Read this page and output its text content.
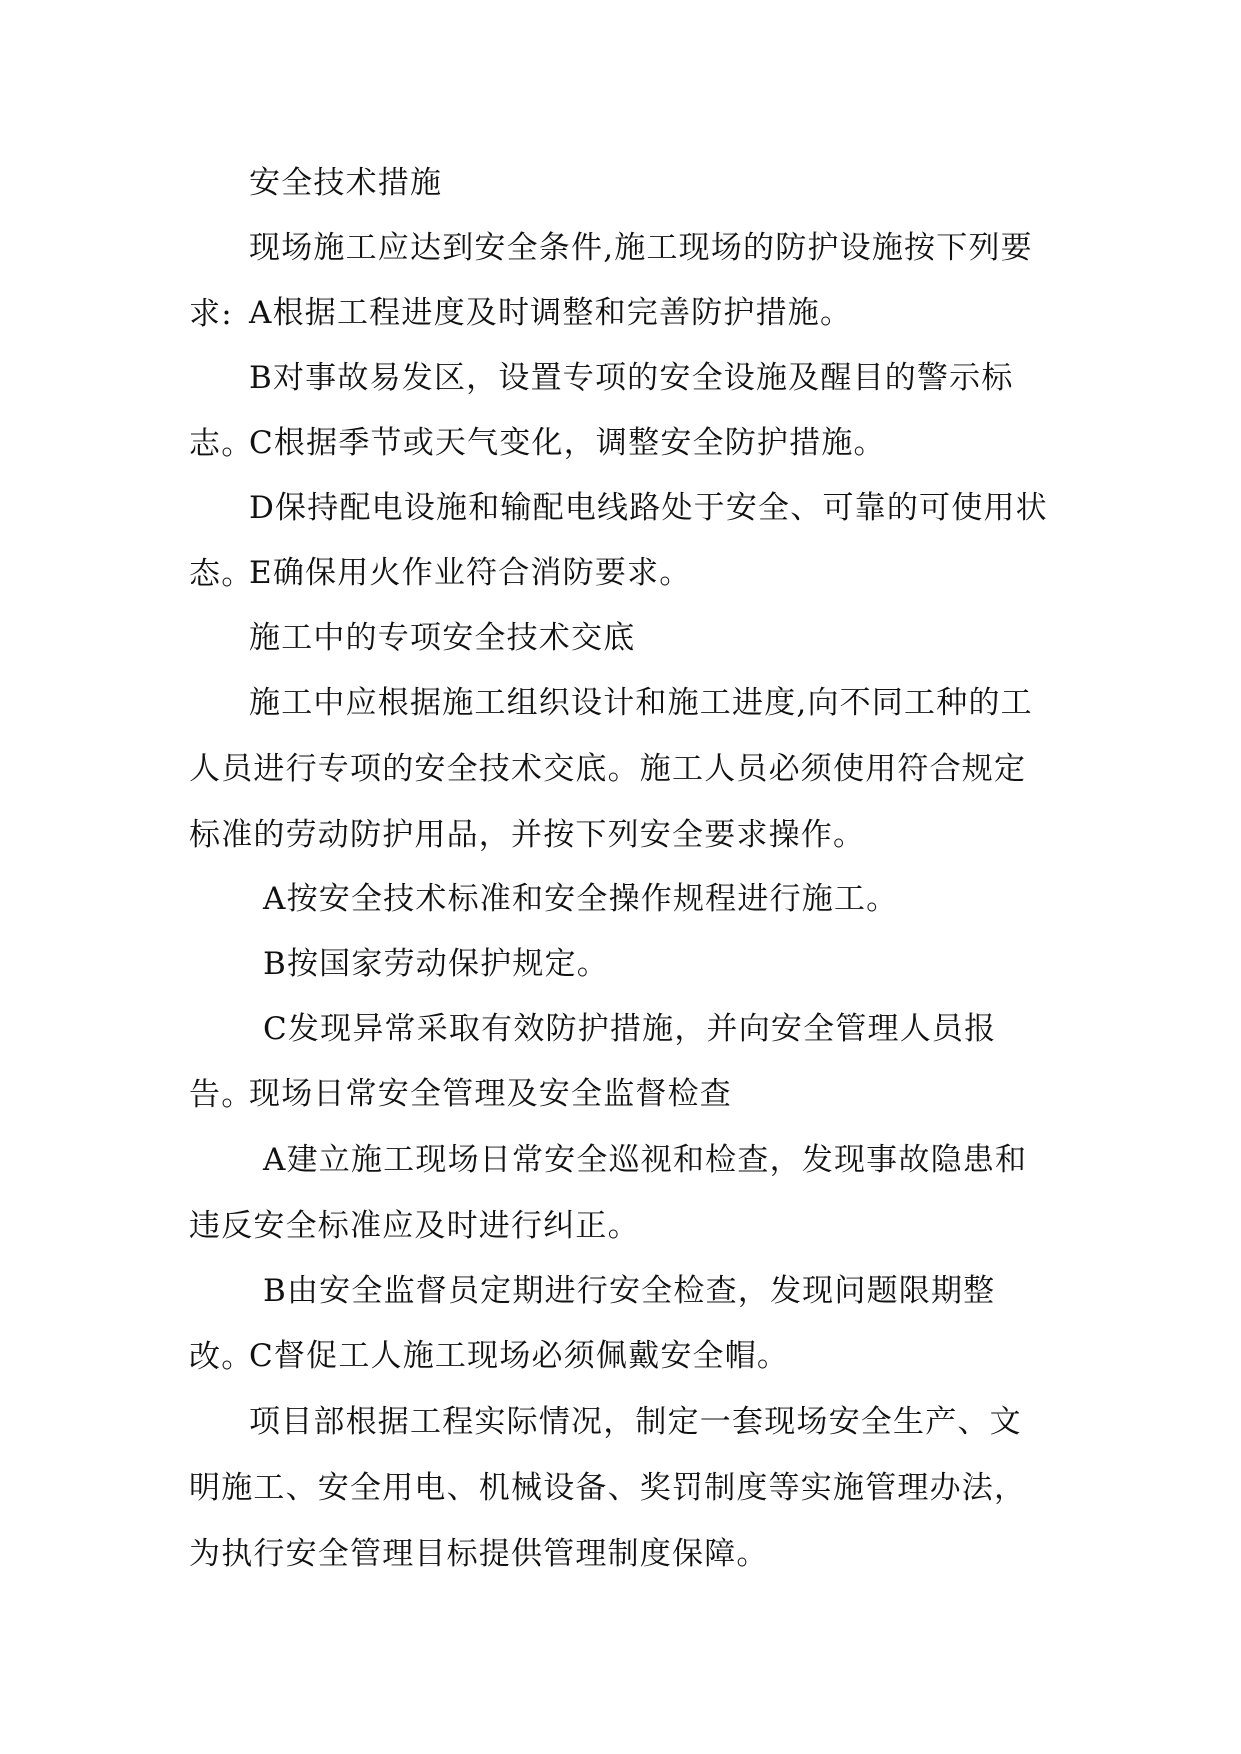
安全技术措施

现场施工应达到安全条件,施工现场的防护设施按下列要求: A根据工程进度及时调整和完善防护措施。

B对事故易发区，设置专项的安全设施及醒目的警示标志。

C根据季节或天气变化，调整安全防护措施。

D保持配电设施和输配电线路处于安全、可靠的可使用状态。

E确保用火作业符合消防要求。

施工中的专项安全技术交底

施工中应根据施工组织设计和施工进度,向不同工种的工人员进行专项的安全技术交底。施工人员必须使用符合规定标准的劳动防护用品，并按下列安全要求操作。

A按安全技术标准和安全操作规程进行施工。

B按国家劳动保护规定。

C发现异常采取有效防护措施，并向安全管理人员报告。

现场日常安全管理及安全监督检查

A建立施工现场日常安全巡视和检查，发现事故隐患和违反安全标准应及时进行纠正。

B由安全监督员定期进行安全检查，发现问题限期整改。

C督促工人施工现场必须佩戴安全帽。

项目部根据工程实际情况，制定一套现场安全生产、文明施工、安全用电、机械设备、奖罚制度等实施管理办法，为执行安全管理目标提供管理制度保障。
